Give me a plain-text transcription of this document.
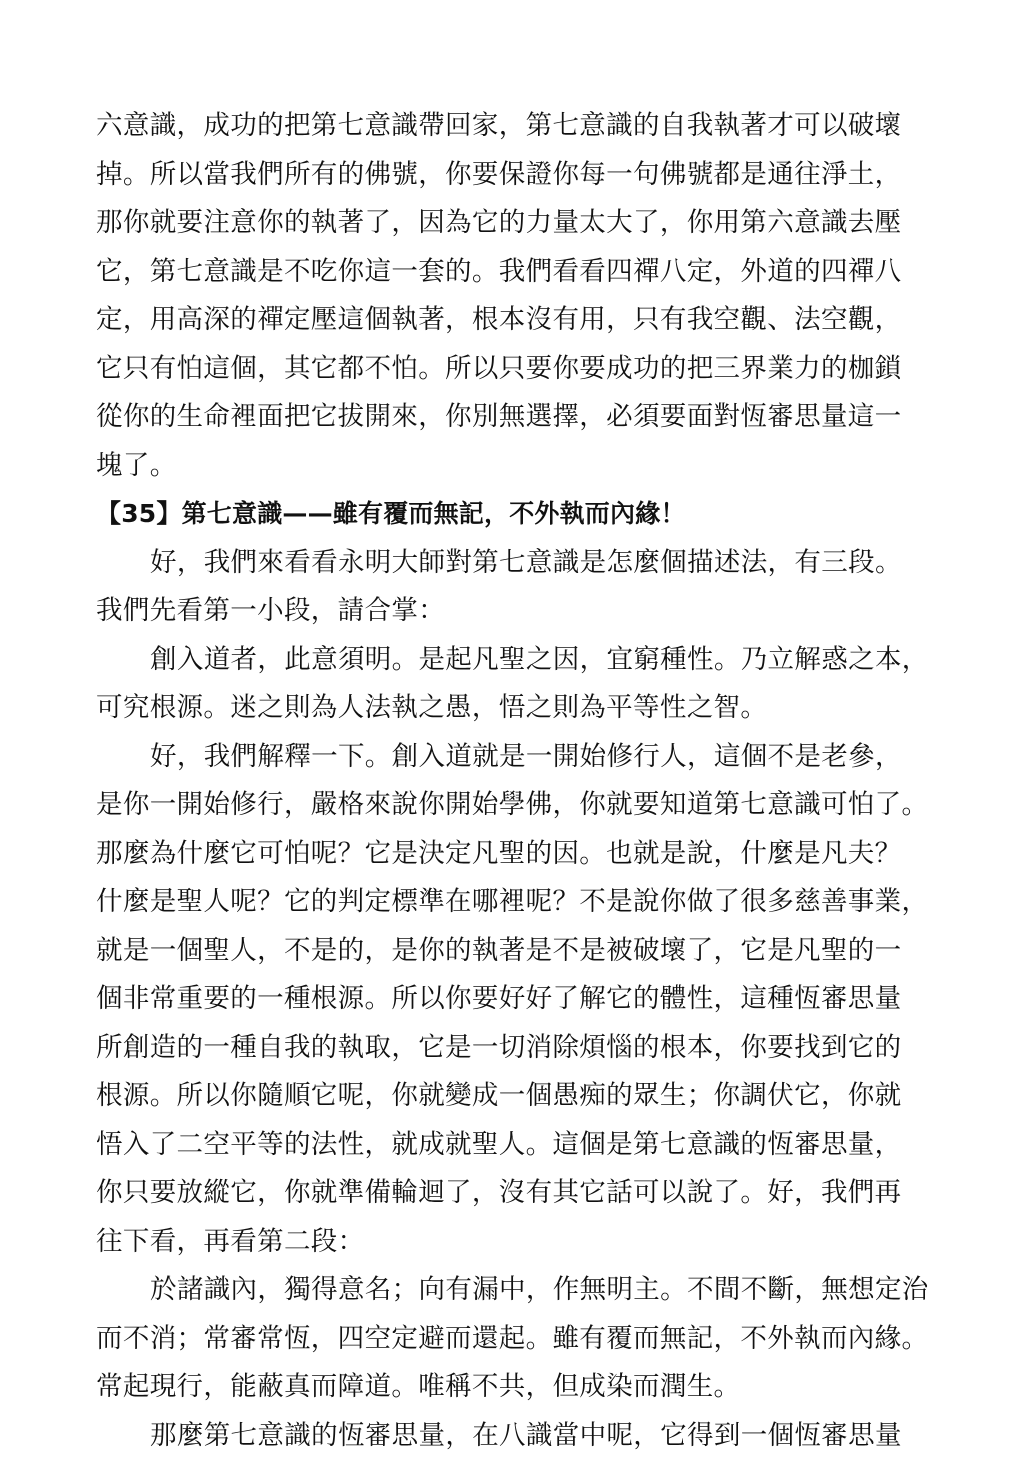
六意識，成功的把第七意識帶回家，第七意識的自我執著才可以破壞
掉。所以當我們所有的佛號，你要保證你每一句佛號都是通往淨土，
那你就要注意你的執著了，因為它的力量太大了，你用第六意識去壓
它，第七意識是不吃你這一套的。我們看看四禪八定，外道的四禪八
定，用高深的禪定壓這個執著，根本沒有用，只有我空觀、法空觀，
它只有怕這個，其它都不怕。所以只要你要成功的把三界業力的枷鎖
從你的生命裡面把它拔開來，你別無選擇，必須要面對恆審思量這一
塊了。
【35】第七意識——雖有覆而無記，不外執而內緣！
好，我們來看看永明大師對第七意識是怎麼個描述法，有三段。
我們先看第一小段，請合掌：
創入道者，此意須明。是起凡聖之因，宜窮種性。乃立解惑之本，
可究根源。迷之則為人法執之愚，悟之則為平等性之智。
好，我們解釋一下。創入道就是一開始修行人，這個不是老參，
是你一開始修行，嚴格來說你開始學佛，你就要知道第七意識可怕了。
那麼為什麼它可怕呢？它是決定凡聖的因。也就是說，什麼是凡夫？
什麼是聖人呢？它的判定標準在哪裡呢？不是說你做了很多慈善事業，
就是一個聖人，不是的，是你的執著是不是被破壞了，它是凡聖的一
個非常重要的一種根源。所以你要好好了解它的體性，這種恆審思量
所創造的一種自我的執取，它是一切消除煩惱的根本，你要找到它的
根源。所以你隨順它呢，你就變成一個愚痴的眾生；你調伏它，你就
悟入了二空平等的法性，就成就聖人。這個是第七意識的恆審思量，
你只要放縱它，你就準備輪迴了，沒有其它話可以說了。好，我們再
往下看，再看第二段：
於諸識內，獨得意名；向有漏中，作無明主。不間不斷，無想定治
而不消；常審常恆，四空定避而還起。雖有覆而無記，不外執而內緣。
常起現行，能蔽真而障道。唯稱不共，但成染而潤生。
那麼第七意識的恆審思量，在八識當中呢，它得到一個恆審思量
